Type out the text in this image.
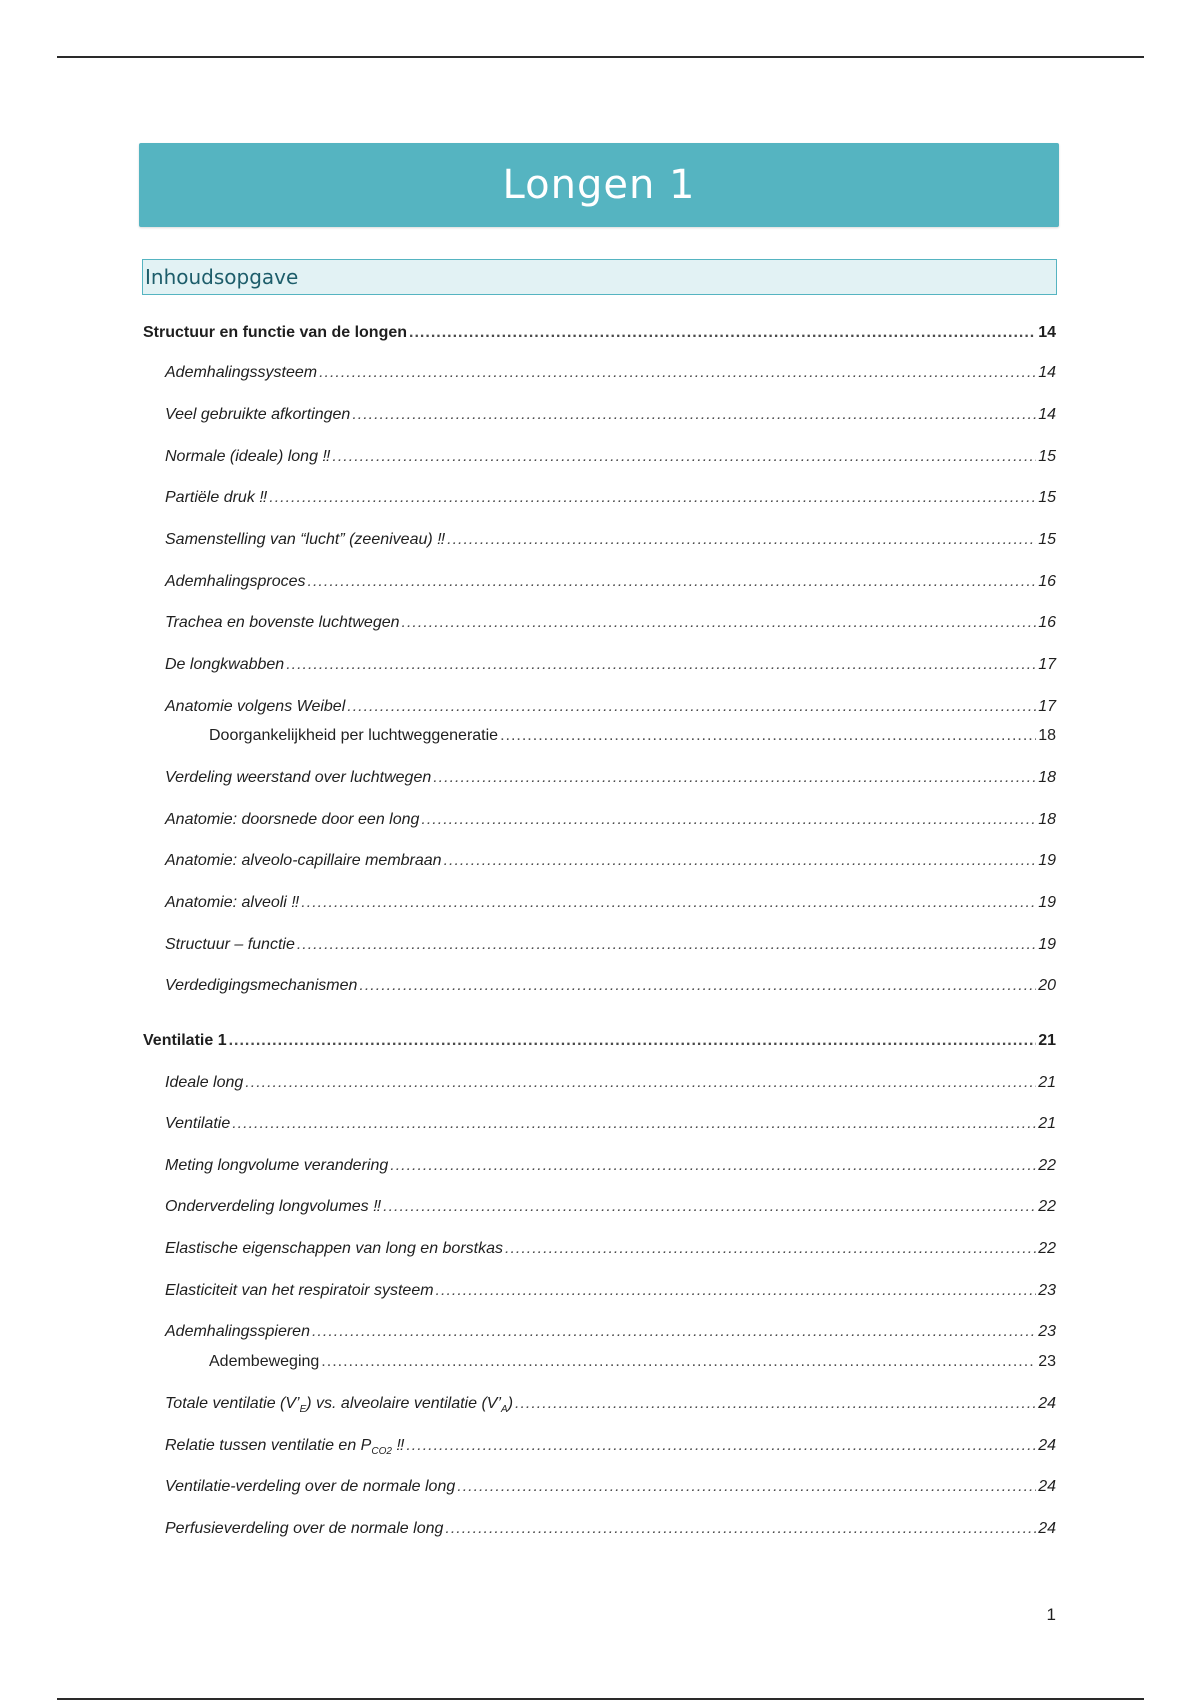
Longen 1
Inhoudsopgave
Structuur en functie van de longen .....	14
Ademhalingssysteem .....	14
Veel gebruikte afkortingen .....	14
Normale (ideale) long ‼ .....	15
Partiële druk ‼ .....	15
Samenstelling van “lucht” (zeeniveau) ‼ .....	15
Ademhalingsproces .....	16
Trachea en bovenste luchtwegen .....	16
De longkwabben .....	17
Anatomie volgens Weibel .....	17
Doorgankelijkheid per luchtweggeneratie .....	18
Verdeling weerstand over luchtwegen .....	18
Anatomie: doorsnede door een long .....	18
Anatomie: alveolo-capillaire membraan .....	19
Anatomie: alveoli ‼ .....	19
Structuur – functie .....	19
Verdedigingsmechanismen .....	20
Ventilatie 1 .....	21
Ideale long .....	21
Ventilatie .....	21
Meting longvolume verandering .....	22
Onderverdeling longvolumes ‼ .....	22
Elastische eigenschappen van long en borstkas .....	22
Elasticiteit van het respiratoir systeem .....	23
Ademhalingsspieren .....	23
Adembeweging .....	23
Totale ventilatie $(V’_E)$ vs. alveolaire ventilatie $(V’_A)$ .....	24
Relatie tussen ventilatie en $P_{CO2}$ ‼ .....	24
Ventilatie-verdeling over de normale long .....	24
Perfusieverdeling over de normale long .....	24
1
